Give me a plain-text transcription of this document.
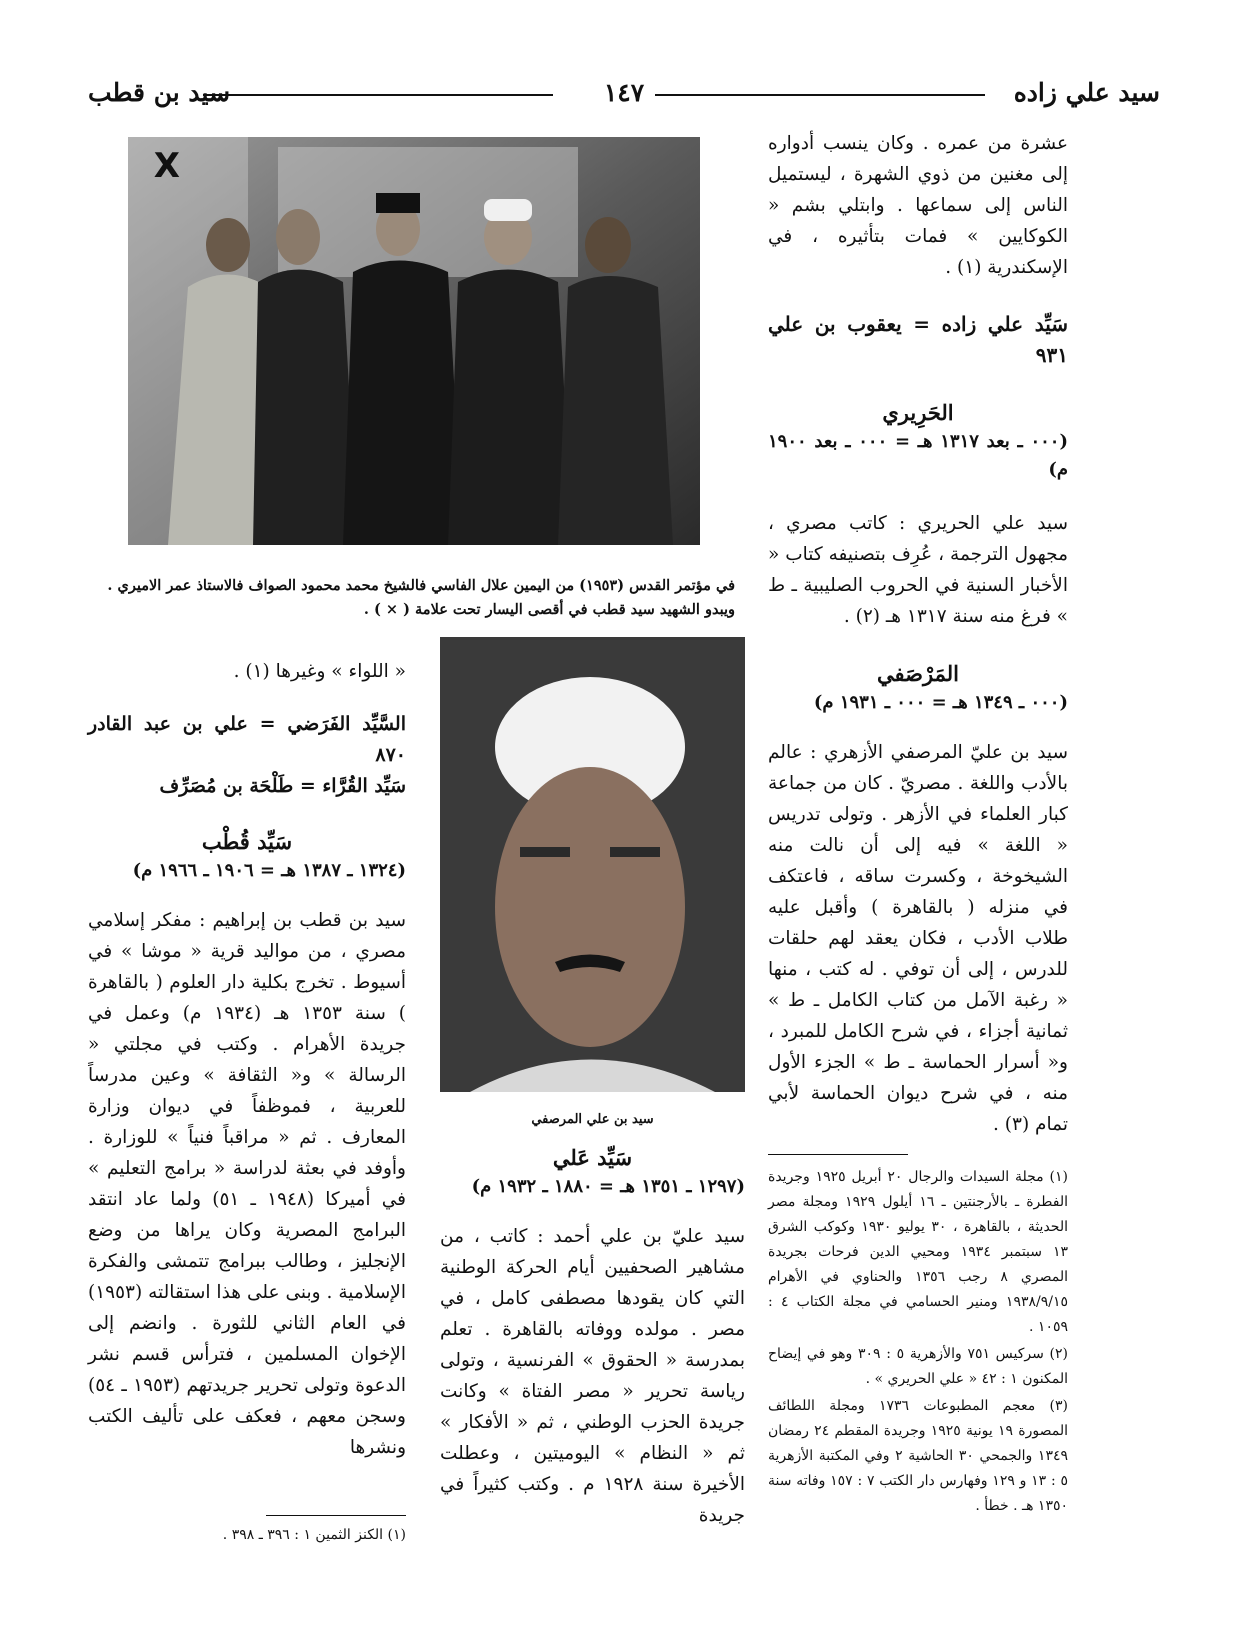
سيد علي زاده
١٤٧
سيد بن قطب
X
في مؤتمر القدس (١٩٥٣) من اليمين علال الفاسي فالشيخ محمد محمود الصواف فالاستاذ عمر الاميري . ويبدو الشهيد سيد قطب في أقصى اليسار تحت علامة ( × ) .

عشرة من عمره . وكان ينسب أدواره إلى مغنين من ذوي الشهرة ، ليستميل الناس إلى سماعها . وابتلي بشم « الكوكايين » فمات بتأثيره ، في الإسكندرية (١) .

سَيِّد علي زاده = يعقوب بن علي ٩٣١

الحَرِيري
(٠٠٠ ـ بعد ١٣١٧ هـ = ٠٠٠ ـ بعد ١٩٠٠ م)

سيد علي الحريري : كاتب مصري ، مجهول الترجمة ، عُرِف بتصنيفه كتاب « الأخبار السنية في الحروب الصليبية ـ ط » فرغ منه سنة ١٣١٧ هـ (٢) .

المَرْصَفي
(٠٠٠ ـ ١٣٤٩ هـ = ٠٠٠ ـ ١٩٣١ م)

سيد بن عليّ المرصفي الأزهري : عالم بالأدب واللغة . مصريّ . كان من جماعة كبار العلماء في الأزهر . وتولى تدريس « اللغة » فيه إلى أن نالت منه الشيخوخة ، وكسرت ساقه ، فاعتكف في منزله ( بالقاهرة ) وأقبل عليه طلاب الأدب ، فكان يعقد لهم حلقات للدرس ، إلى أن توفي . له كتب ، منها « رغبة الآمل من كتاب الكامل ـ ط » ثمانية أجزاء ، في شرح الكامل للمبرد ، و« أسرار الحماسة ـ ط » الجزء الأول منه ، في شرح ديوان الحماسة لأبي تمام (٣) .

(١) مجلة السيدات والرجال ٢٠ أبريل ١٩٢٥ وجريدة الفطرة ـ بالأرجنتين ـ ١٦ أيلول ١٩٢٩ ومجلة مصر الحديثة ، بالقاهرة ، ٣٠ يوليو ١٩٣٠ وكوكب الشرق ١٣ سبتمبر ١٩٣٤ ومحيي الدين فرحات بجريدة المصري ٨ رجب ١٣٥٦ والحناوي في الأهرام ١٩٣٨/٩/١٥ ومنير الحسامي في مجلة الكتاب ٤ : ١٠٥٩ .

(٢) سركيس ٧٥١ والأزهرية ٥ : ٣٠٩ وهو في إيضاح المكنون ١ : ٤٢ « علي الحريري » .

(٣) معجم المطبوعات ١٧٣٦ ومجلة اللطائف المصورة ١٩ يونية ١٩٢٥ وجريدة المقطم ٢٤ رمضان ١٣٤٩ والجمحي ٣٠ الحاشية ٢ وفي المكتبة الأزهرية ٥ : ١٣ و ١٢٩ وفهارس دار الكتب ٧ : ١٥٧ وفاته سنة ١٣٥٠ هـ . خطأ .

سيد بن علي المرصفي
سَيِّد عَلي
(١٢٩٧ ـ ١٣٥١ هـ = ١٨٨٠ ـ ١٩٣٢ م)

سيد عليّ بن علي أحمد : كاتب ، من مشاهير الصحفيين أيام الحركة الوطنية التي كان يقودها مصطفى كامل ، في مصر . مولده ووفاته بالقاهرة . تعلم بمدرسة « الحقوق » الفرنسية ، وتولى رياسة تحرير « مصر الفتاة » وكانت جريدة الحزب الوطني ، ثم « الأفكار » ثم « النظام » اليوميتين ، وعطلت الأخيرة سنة ١٩٢٨ م . وكتب كثيراً في جريدة

« اللواء » وغيرها (١) .

السَّيِّد الفَرَضي = علي بن عبد القادر ٨٧٠

سَيِّد القُرَّاء = طَلْحَة بن مُصَرِّف

سَيِّد قُطْب
(١٣٢٤ ـ ١٣٨٧ هـ = ١٩٠٦ ـ ١٩٦٦ م)

سيد بن قطب بن إبراهيم : مفكر إسلامي مصري ، من مواليد قرية « موشا » في أسيوط . تخرج بكلية دار العلوم ( بالقاهرة ) سنة ١٣٥٣ هـ (١٩٣٤ م) وعمل في جريدة الأهرام . وكتب في مجلتي « الرسالة » و« الثقافة » وعين مدرساً للعربية ، فموظفاً في ديوان وزارة المعارف . ثم « مراقباً فنياً » للوزارة . وأوفد في بعثة لدراسة « برامج التعليم » في أميركا (١٩٤٨ ـ ٥١) ولما عاد انتقد البرامج المصرية وكان يراها من وضع الإنجليز ، وطالب ببرامج تتمشى والفكرة الإسلامية . وبنى على هذا استقالته (١٩٥٣) في العام الثاني للثورة . وانضم إلى الإخوان المسلمين ، فترأس قسم نشر الدعوة وتولى تحرير جريدتهم (١٩٥٣ ـ ٥٤) وسجن معهم ، فعكف على تأليف الكتب ونشرها

(١) الكنز الثمين ١ : ٣٩٦ ـ ٣٩٨ .
